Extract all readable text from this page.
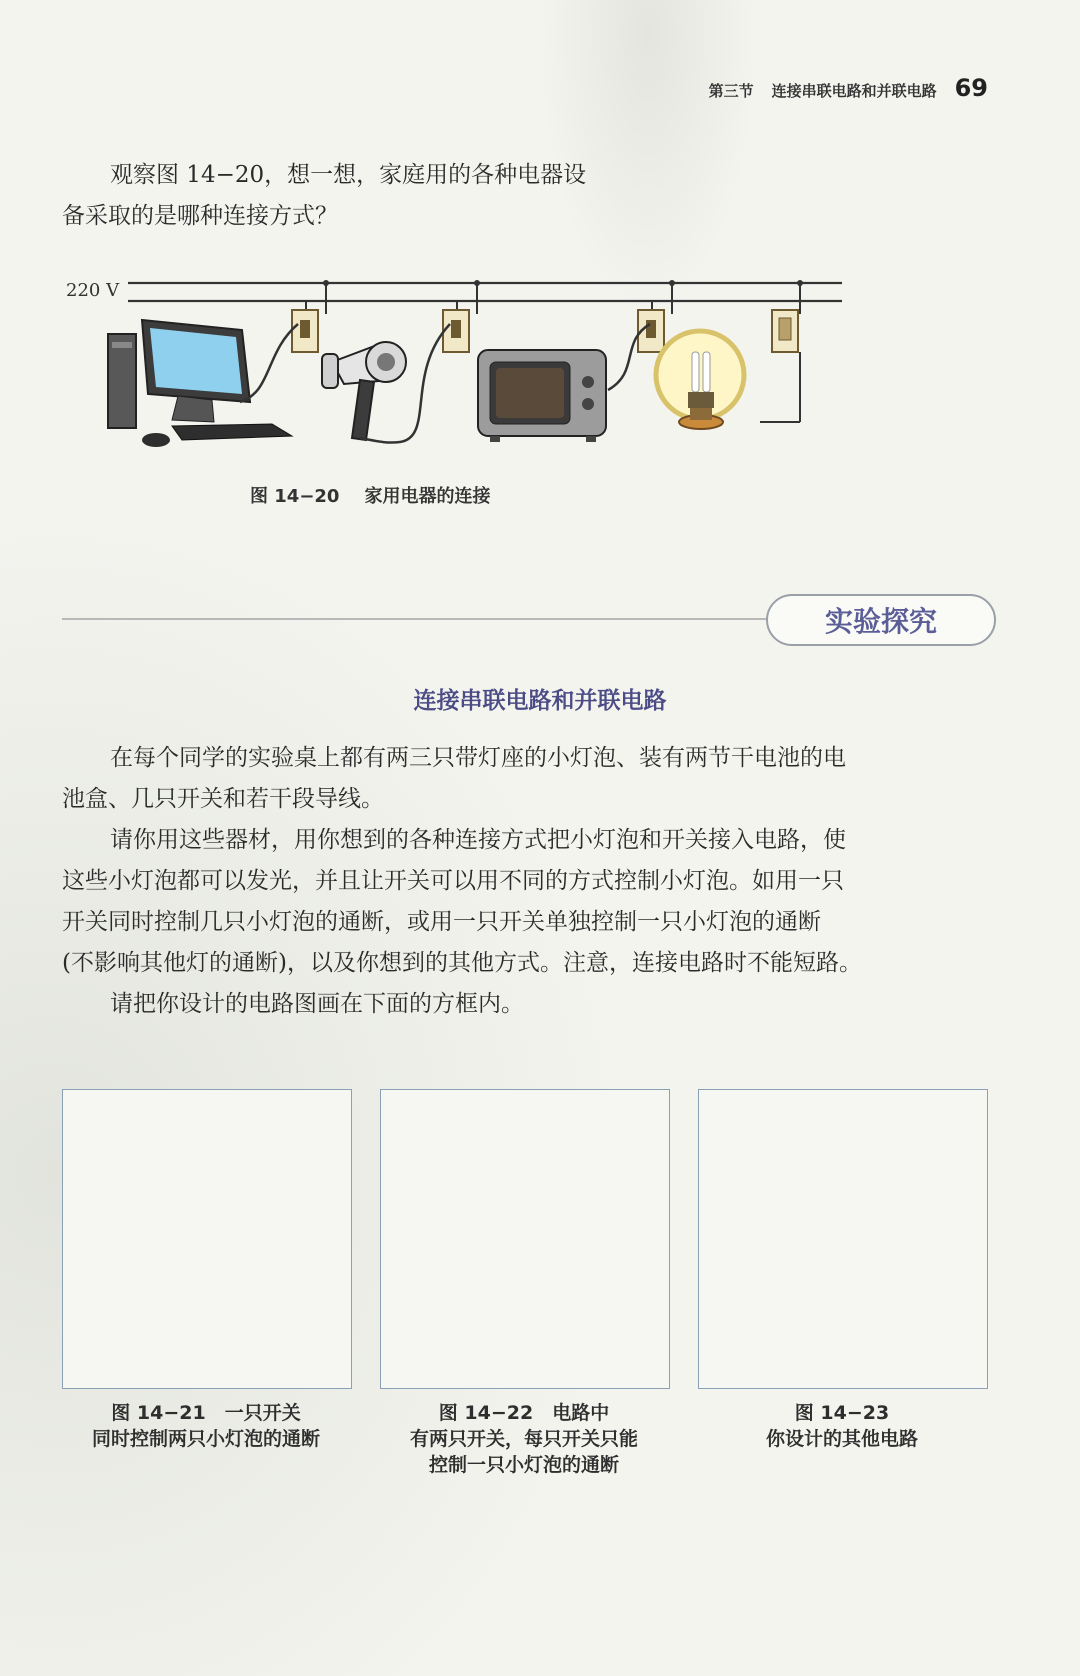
第三节 连接串联电路和并联电路 69
观察图 14−20，想一想，家庭用的各种电器设
备采取的是哪种连接方式？
220 V
图 14−20 家用电器的连接
实验探究
连接串联电路和并联电路
在每个同学的实验桌上都有两三只带灯座的小灯泡、装有两节干电池的电
池盒、几只开关和若干段导线。
请你用这些器材，用你想到的各种连接方式把小灯泡和开关接入电路，使
这些小灯泡都可以发光，并且让开关可以用不同的方式控制小灯泡。如用一只
开关同时控制几只小灯泡的通断，或用一只开关单独控制一只小灯泡的通断
(不影响其他灯的通断)，以及你想到的其他方式。注意，连接电路时不能短路。
请把你设计的电路图画在下面的方框内。
图 14−21　一只开关
同时控制两只小灯泡的通断
图 14−22　电路中
有两只开关，每只开关只能
控制一只小灯泡的通断
图 14−23
你设计的其他电路
